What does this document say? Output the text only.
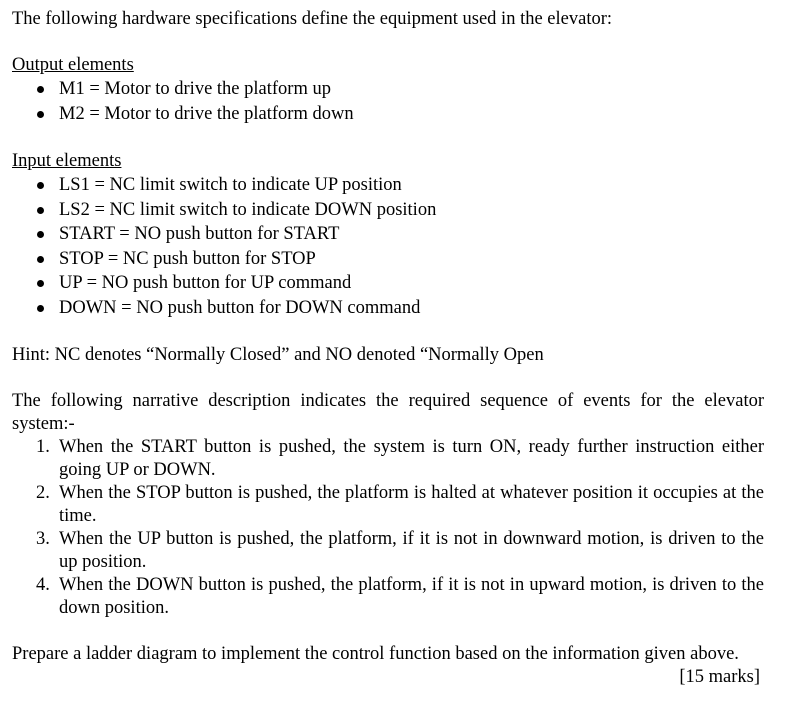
The following hardware specifications define the equipment used in the elevator:

Output elements

M1 = Motor to drive the platform up
M2 = Motor to drive the platform down

Input elements

LS1 = NC limit switch to indicate UP position
LS2 = NC limit switch to indicate DOWN position
START = NO push button for START
STOP = NC push button for STOP
UP = NO push button for UP command
DOWN = NO push button for DOWN command

Hint: NC denotes “Normally Closed” and NO denoted “Normally Open

The following narrative description indicates the required sequence of events for the elevator system:-

1. When the START button is pushed, the system is turn ON, ready further instruction either going UP or DOWN.
2. When the STOP button is pushed, the platform is halted at whatever position it occupies at the time.
3. When the UP button is pushed, the platform, if it is not in downward motion, is driven to the up position.
4. When the DOWN button is pushed, the platform, if it is not in upward motion, is driven to the down position.

Prepare a ladder diagram to implement the control function based on the information given above.

[15 marks]
